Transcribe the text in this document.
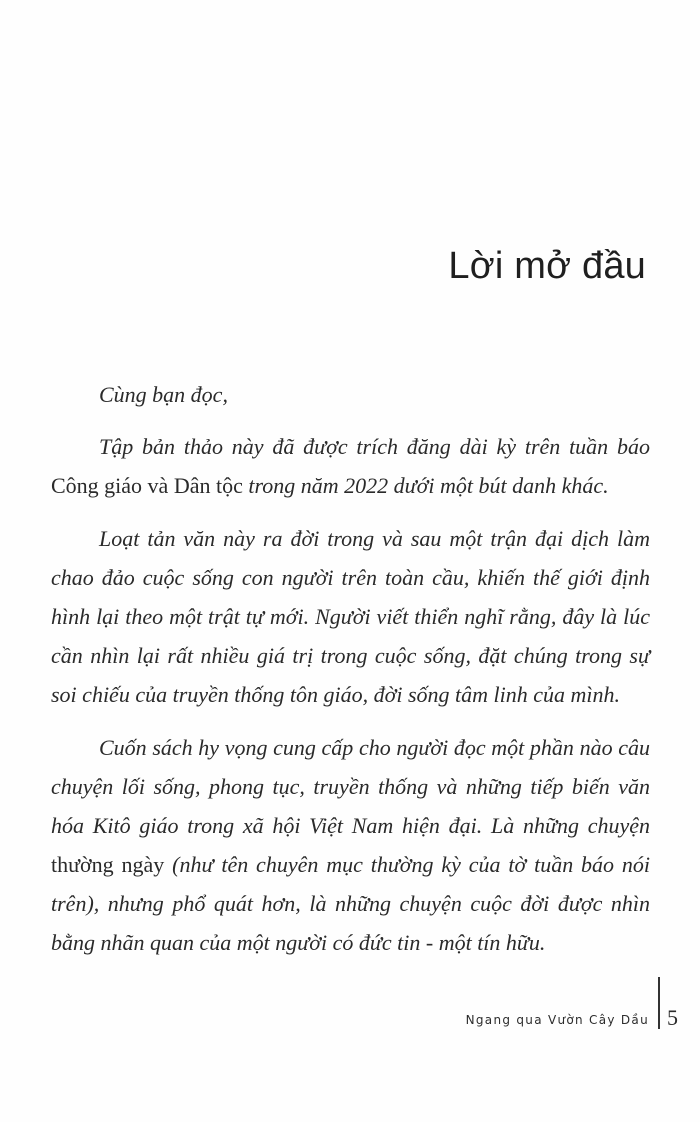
Lời mở đầu

Cùng bạn đọc,

Tập bản thảo này đã được trích đăng dài kỳ trên tuần báo Công giáo và Dân tộc trong năm 2022 dưới một bút danh khác.

Loạt tản văn này ra đời trong và sau một trận đại dịch làm chao đảo cuộc sống con người trên toàn cầu, khiến thế giới định hình lại theo một trật tự mới. Người viết thiển nghĩ rằng, đây là lúc cần nhìn lại rất nhiều giá trị trong cuộc sống, đặt chúng trong sự soi chiếu của truyền thống tôn giáo, đời sống tâm linh của mình.

Cuốn sách hy vọng cung cấp cho người đọc một phần nào câu chuyện lối sống, phong tục, truyền thống và những tiếp biến văn hóa Kitô giáo trong xã hội Việt Nam hiện đại. Là những chuyện thường ngày (như tên chuyên mục thường kỳ của tờ tuần báo nói trên), nhưng phổ quát hơn, là những chuyện cuộc đời được nhìn bằng nhãn quan của một người có đức tin - một tín hữu.

Ngang qua Vườn Cây Dầu 5
